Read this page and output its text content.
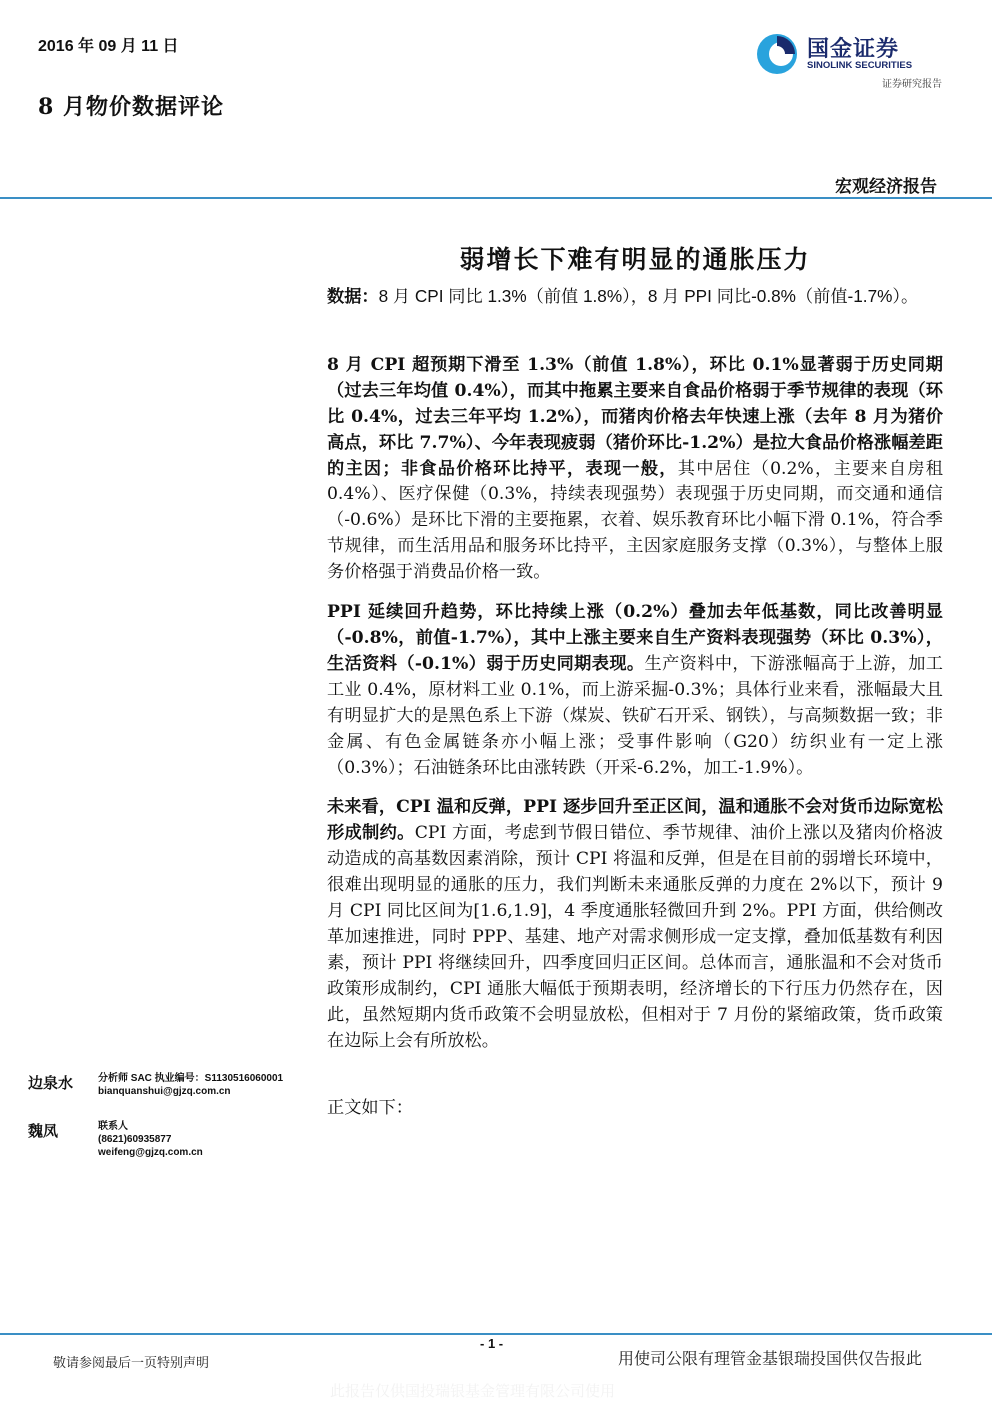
2016 年 09 月 11 日
8 月物价数据评论
国金证券
SINOLINK SECURITIES
证券研究报告
宏观经济报告
弱增长下难有明显的通胀压力

数据：8 月 CPI 同比 1.3%（前值 1.8%），8 月 PPI 同比-0.8%（前值-1.7%）。

8 月 CPI 超预期下滑至 1.3%（前值 1.8%），环比 0.1%显著弱于历史同期（过去三年均值 0.4%），而其中拖累主要来自食品价格弱于季节规律的表现（环比 0.4%，过去三年平均 1.2%），而猪肉价格去年快速上涨（去年 8 月为猪价高点，环比 7.7%）、今年表现疲弱（猪价环比-1.2%）是拉大食品价格涨幅差距的主因；非食品价格环比持平，表现一般，其中居住（0.2%，主要来自房租 0.4%）、医疗保健（0.3%，持续表现强势）表现强于历史同期，而交通和通信（-0.6%）是环比下滑的主要拖累，衣着、娱乐教育环比小幅下滑 0.1%，符合季节规律，而生活用品和服务环比持平，主因家庭服务支撑（0.3%），与整体上服务价格强于消费品价格一致。

PPI 延续回升趋势，环比持续上涨（0.2%）叠加去年低基数，同比改善明显（-0.8%，前值-1.7%），其中上涨主要来自生产资料表现强势（环比 0.3%），生活资料（-0.1%）弱于历史同期表现。生产资料中，下游涨幅高于上游，加工工业 0.4%，原材料工业 0.1%，而上游采掘-0.3%；具体行业来看，涨幅最大且有明显扩大的是黑色系上下游（煤炭、铁矿石开采、钢铁），与高频数据一致；非金属、有色金属链条亦小幅上涨；受事件影响（G20）纺织业有一定上涨（0.3%）；石油链条环比由涨转跌（开采-6.2%，加工-1.9%）。

未来看，CPI 温和反弹，PPI 逐步回升至正区间，温和通胀不会对货币边际宽松形成制约。CPI 方面，考虑到节假日错位、季节规律、油价上涨以及猪肉价格波动造成的高基数因素消除，预计 CPI 将温和反弹，但是在目前的弱增长环境中，很难出现明显的通胀的压力，我们判断未来通胀反弹的力度在 2%以下，预计 9 月 CPI 同比区间为[1.6,1.9]，4 季度通胀轻微回升到 2%。PPI 方面，供给侧改革加速推进，同时 PPP、基建、地产对需求侧形成一定支撑，叠加低基数有利因素，预计 PPI 将继续回升，四季度回归正区间。总体而言，通胀温和不会对货币政策形成制约，CPI 通胀大幅低于预期表明，经济增长的下行压力仍然存在，因此，虽然短期内货币政策不会明显放松，但相对于 7 月份的紧缩政策，货币政策在边际上会有所放松。

正文如下：

边泉水	分析师 SAC 执业编号：S1130516060001
bianquanshui@gjzq.com.cn
魏凤	联系人
(8621)60935877
weifeng@gjzq.com.cn
- 1 -
敬请参阅最后一页特别声明	用使司公限有理管金基银瑞投国供仅告报此
此报告仅供国投瑞银基金管理有限公司使用
